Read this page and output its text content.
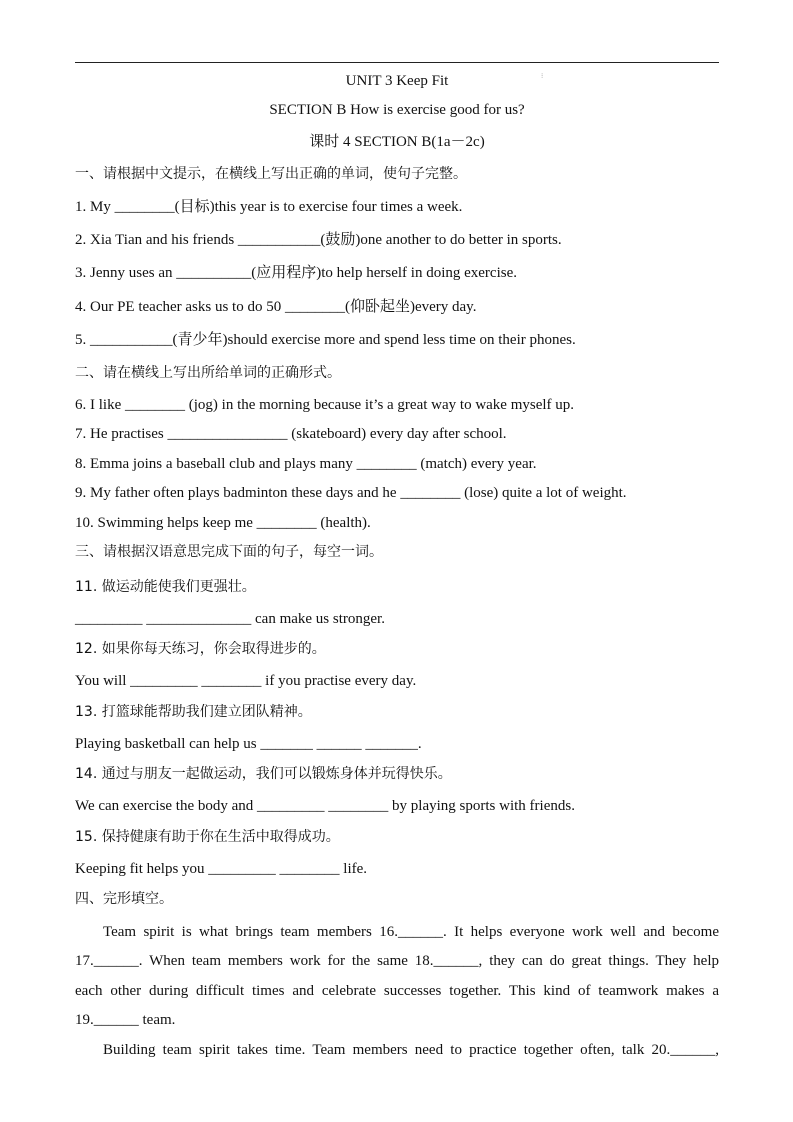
⁝
UNIT 3 Keep Fit
SECTION B How is exercise good for us?
课时 4 SECTION B(1a－2c)
一、请根据中文提示，在横线上写出正确的单词，使句子完整。
1. My ________(目标)this year is to exercise four times a week.
2. Xia Tian and his friends ___________(鼓励)one another to do better in sports.
3. Jenny uses an __________(应用程序)to help herself in doing exercise.
4. Our PE teacher asks us to do 50 ________(仰卧起坐)every day.
5. ___________(青少年)should exercise more and spend less time on their phones.
二、请在横线上写出所给单词的正确形式。
6. I like ________ (jog) in the morning because it’s a great way to wake myself up.
7. He practises ________________ (skateboard) every day after school.
8. Emma joins a baseball club and plays many ________ (match) every year.
9. My father often plays badminton these days and he ________ (lose) quite a lot of weight.
10. Swimming helps keep me ________ (health).
三、请根据汉语意思完成下面的句子，每空一词。
11. 做运动能使我们更强壮。
_________ ______________ can make us stronger.
12. 如果你每天练习，你会取得进步的。
You will _________ ________ if you practise every day.
13. 打篮球能帮助我们建立团队精神。
Playing basketball can help us _______ ______ _______.
14. 通过与朋友一起做运动，我们可以锻炼身体并玩得快乐。
We can exercise the body and _________ ________ by playing sports with friends.
15. 保持健康有助于你在生活中取得成功。
Keeping fit helps you _________ ________ life.
四、完形填空。
Team spirit is what brings team members 16.______. It helps everyone work well and become
17.______. When team members work for the same 18.______, they can do great things. They help
each other during difficult times and celebrate successes together. This kind of teamwork makes a
19.______ team.
Building team spirit takes time. Team members need to practice together often, talk 20.______,
